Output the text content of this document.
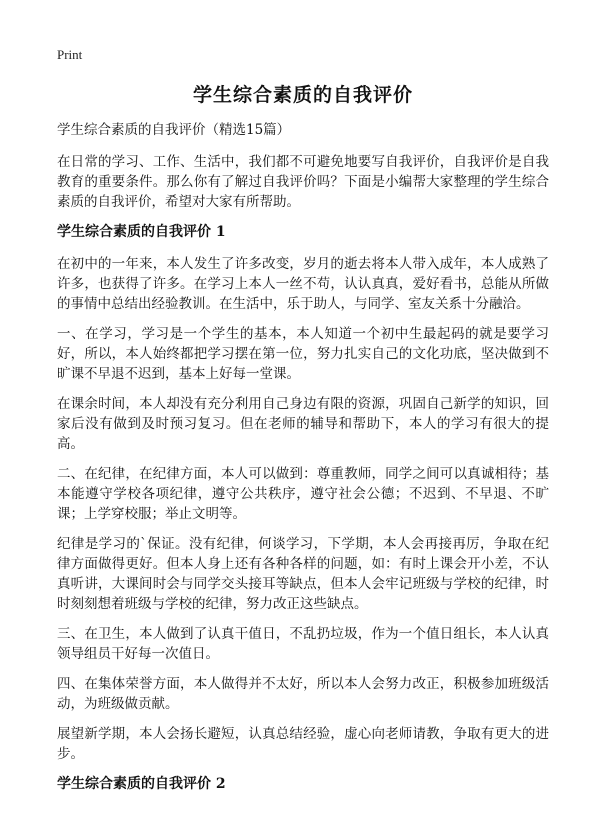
Print
学生综合素质的自我评价

学生综合素质的自我评价（精选15篇）

在日常的学习、工作、生活中，我们都不可避免地要写自我评价，自我评价是自我教育的重要条件。那么你有了解过自我评价吗？下面是小编帮大家整理的学生综合素质的自我评价，希望对大家有所帮助。

学生综合素质的自我评价 1

在初中的一年来，本人发生了许多改变，岁月的逝去将本人带入成年，本人成熟了许多，也获得了许多。在学习上本人一丝不苟，认认真真，爱好看书，总能从所做的事情中总结出经验教训。在生活中，乐于助人，与同学、室友关系十分融洽。

一、在学习，学习是一个学生的基本，本人知道一个初中生最起码的就是要学习好，所以，本人始终都把学习摆在第一位，努力扎实自己的文化功底，坚决做到不旷课不早退不迟到，基本上好每一堂课。

在课余时间，本人却没有充分利用自己身边有限的资源，巩固自己新学的知识，回家后没有做到及时预习复习。但在老师的辅导和帮助下，本人的学习有很大的提高。

二、在纪律，在纪律方面，本人可以做到：尊重教师，同学之间可以真诚相待；基本能遵守学校各项纪律，遵守公共秩序，遵守社会公德；不迟到、不早退、不旷课；上学穿校服；举止文明等。

纪律是学习的`保证。没有纪律，何谈学习，下学期，本人会再接再厉，争取在纪律方面做得更好。但本人身上还有各种各样的问题，如：有时上课会开小差，不认真听讲，大课间时会与同学交头接耳等缺点，但本人会牢记班级与学校的纪律，时时刻刻想着班级与学校的纪律，努力改正这些缺点。

三、在卫生，本人做到了认真干值日，不乱扔垃圾，作为一个值日组长，本人认真领导组员干好每一次值日。

四、在集体荣誉方面，本人做得并不太好，所以本人会努力改正，积极参加班级活动，为班级做贡献。

展望新学期，本人会扬长避短，认真总结经验，虚心向老师请教，争取有更大的进步。

学生综合素质的自我评价 2
